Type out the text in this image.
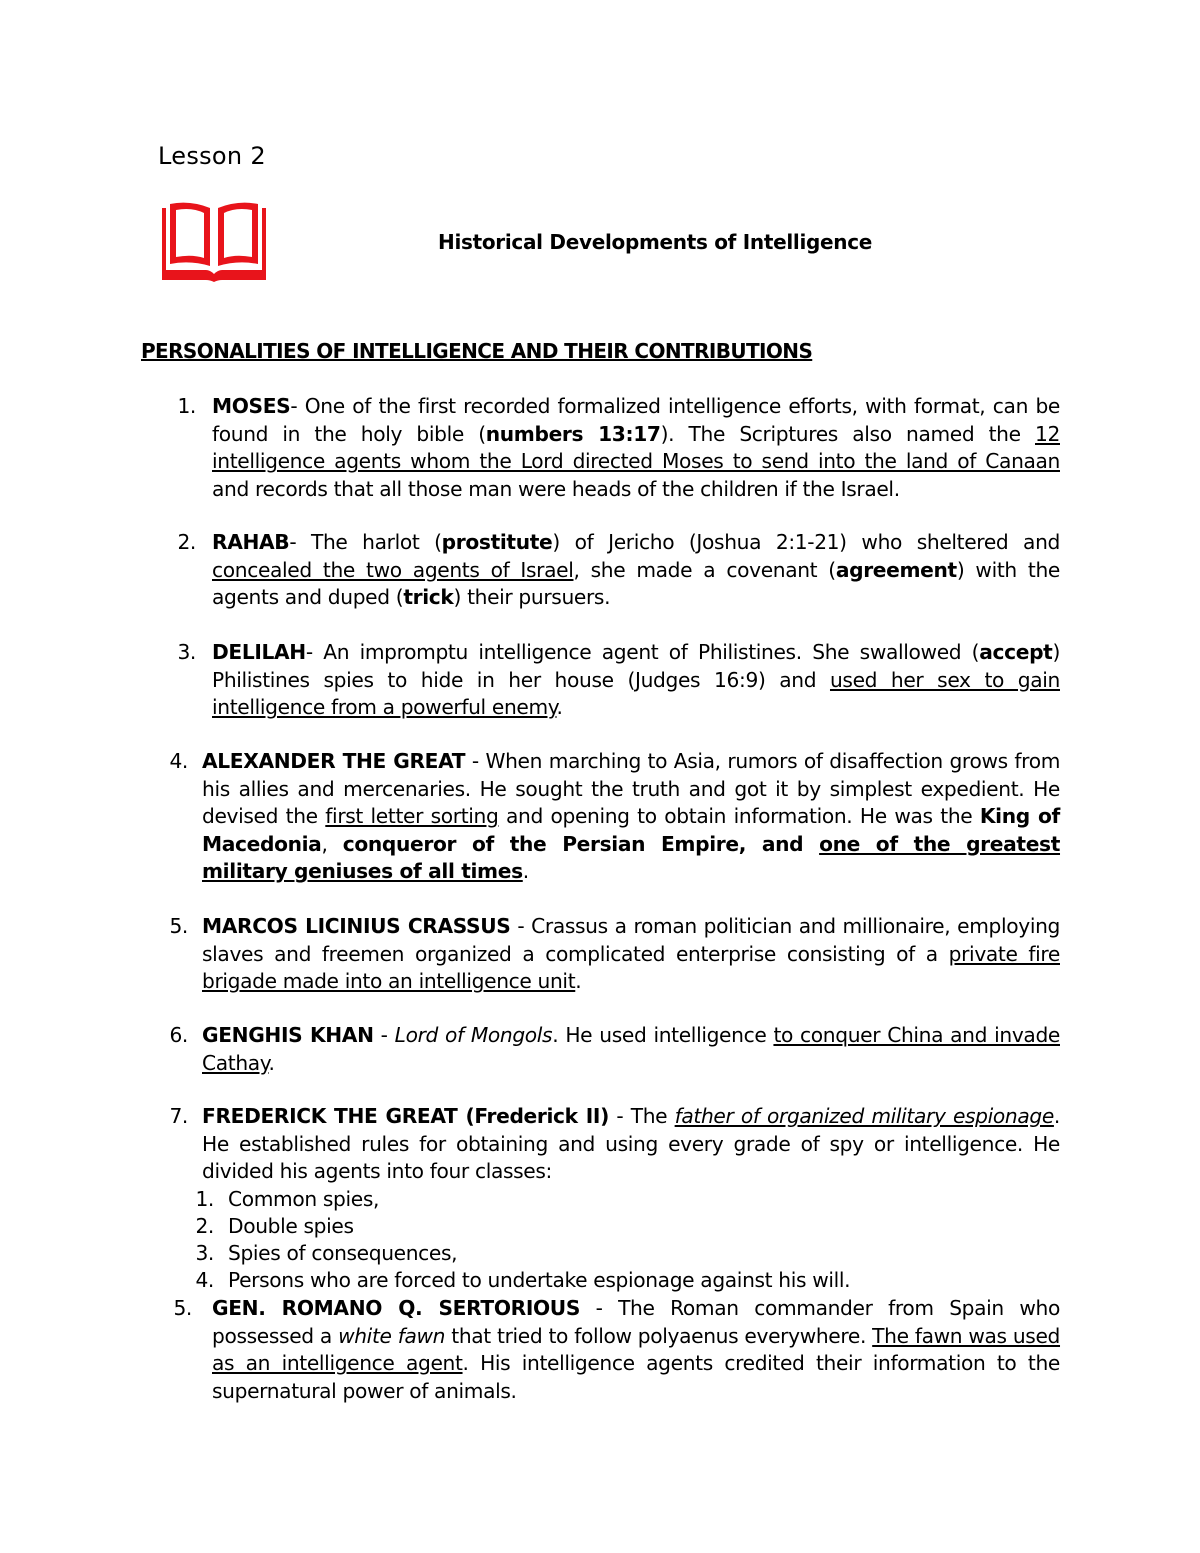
Lesson 2
Historical Developments of Intelligence
PERSONALITIES OF INTELLIGENCE AND THEIR CONTRIBUTIONS
1. MOSES- One of the first recorded formalized intelligence efforts, with format, can be found in the holy bible (numbers 13:17). The Scriptures also named the 12 intelligence agents whom the Lord directed Moses to send into the land of Canaan and records that all those man were heads of the children if the Israel.
2. RAHAB- The harlot (prostitute) of Jericho (Joshua 2:1-21) who sheltered and concealed the two agents of Israel, she made a covenant (agreement) with the agents and duped (trick) their pursuers.
3. DELILAH- An impromptu intelligence agent of Philistines. She swallowed (accept) Philistines spies to hide in her house (Judges 16:9) and used her sex to gain intelligence from a powerful enemy.
4. ALEXANDER THE GREAT - When marching to Asia, rumors of disaffection grows from his allies and mercenaries. He sought the truth and got it by simplest expedient. He devised the first letter sorting and opening to obtain information. He was the King of Macedonia, conqueror of the Persian Empire, and one of the greatest military geniuses of all times.
5. MARCOS LICINIUS CRASSUS - Crassus a roman politician and millionaire, employing slaves and freemen organized a complicated enterprise consisting of a private fire brigade made into an intelligence unit.
6. GENGHIS KHAN - Lord of Mongols. He used intelligence to conquer China and invade Cathay.
7. FREDERICK THE GREAT (Frederick II) - The father of organized military espionage. He established rules for obtaining and using every grade of spy or intelligence. He divided his agents into four classes:
1. Common spies,
2. Double spies
3. Spies of consequences,
4. Persons who are forced to undertake espionage against his will.
5. GEN. ROMANO Q. SERTORIOUS - The Roman commander from Spain who possessed a white fawn that tried to follow polyaenus everywhere. The fawn was used as an intelligence agent. His intelligence agents credited their information to the supernatural power of animals.
